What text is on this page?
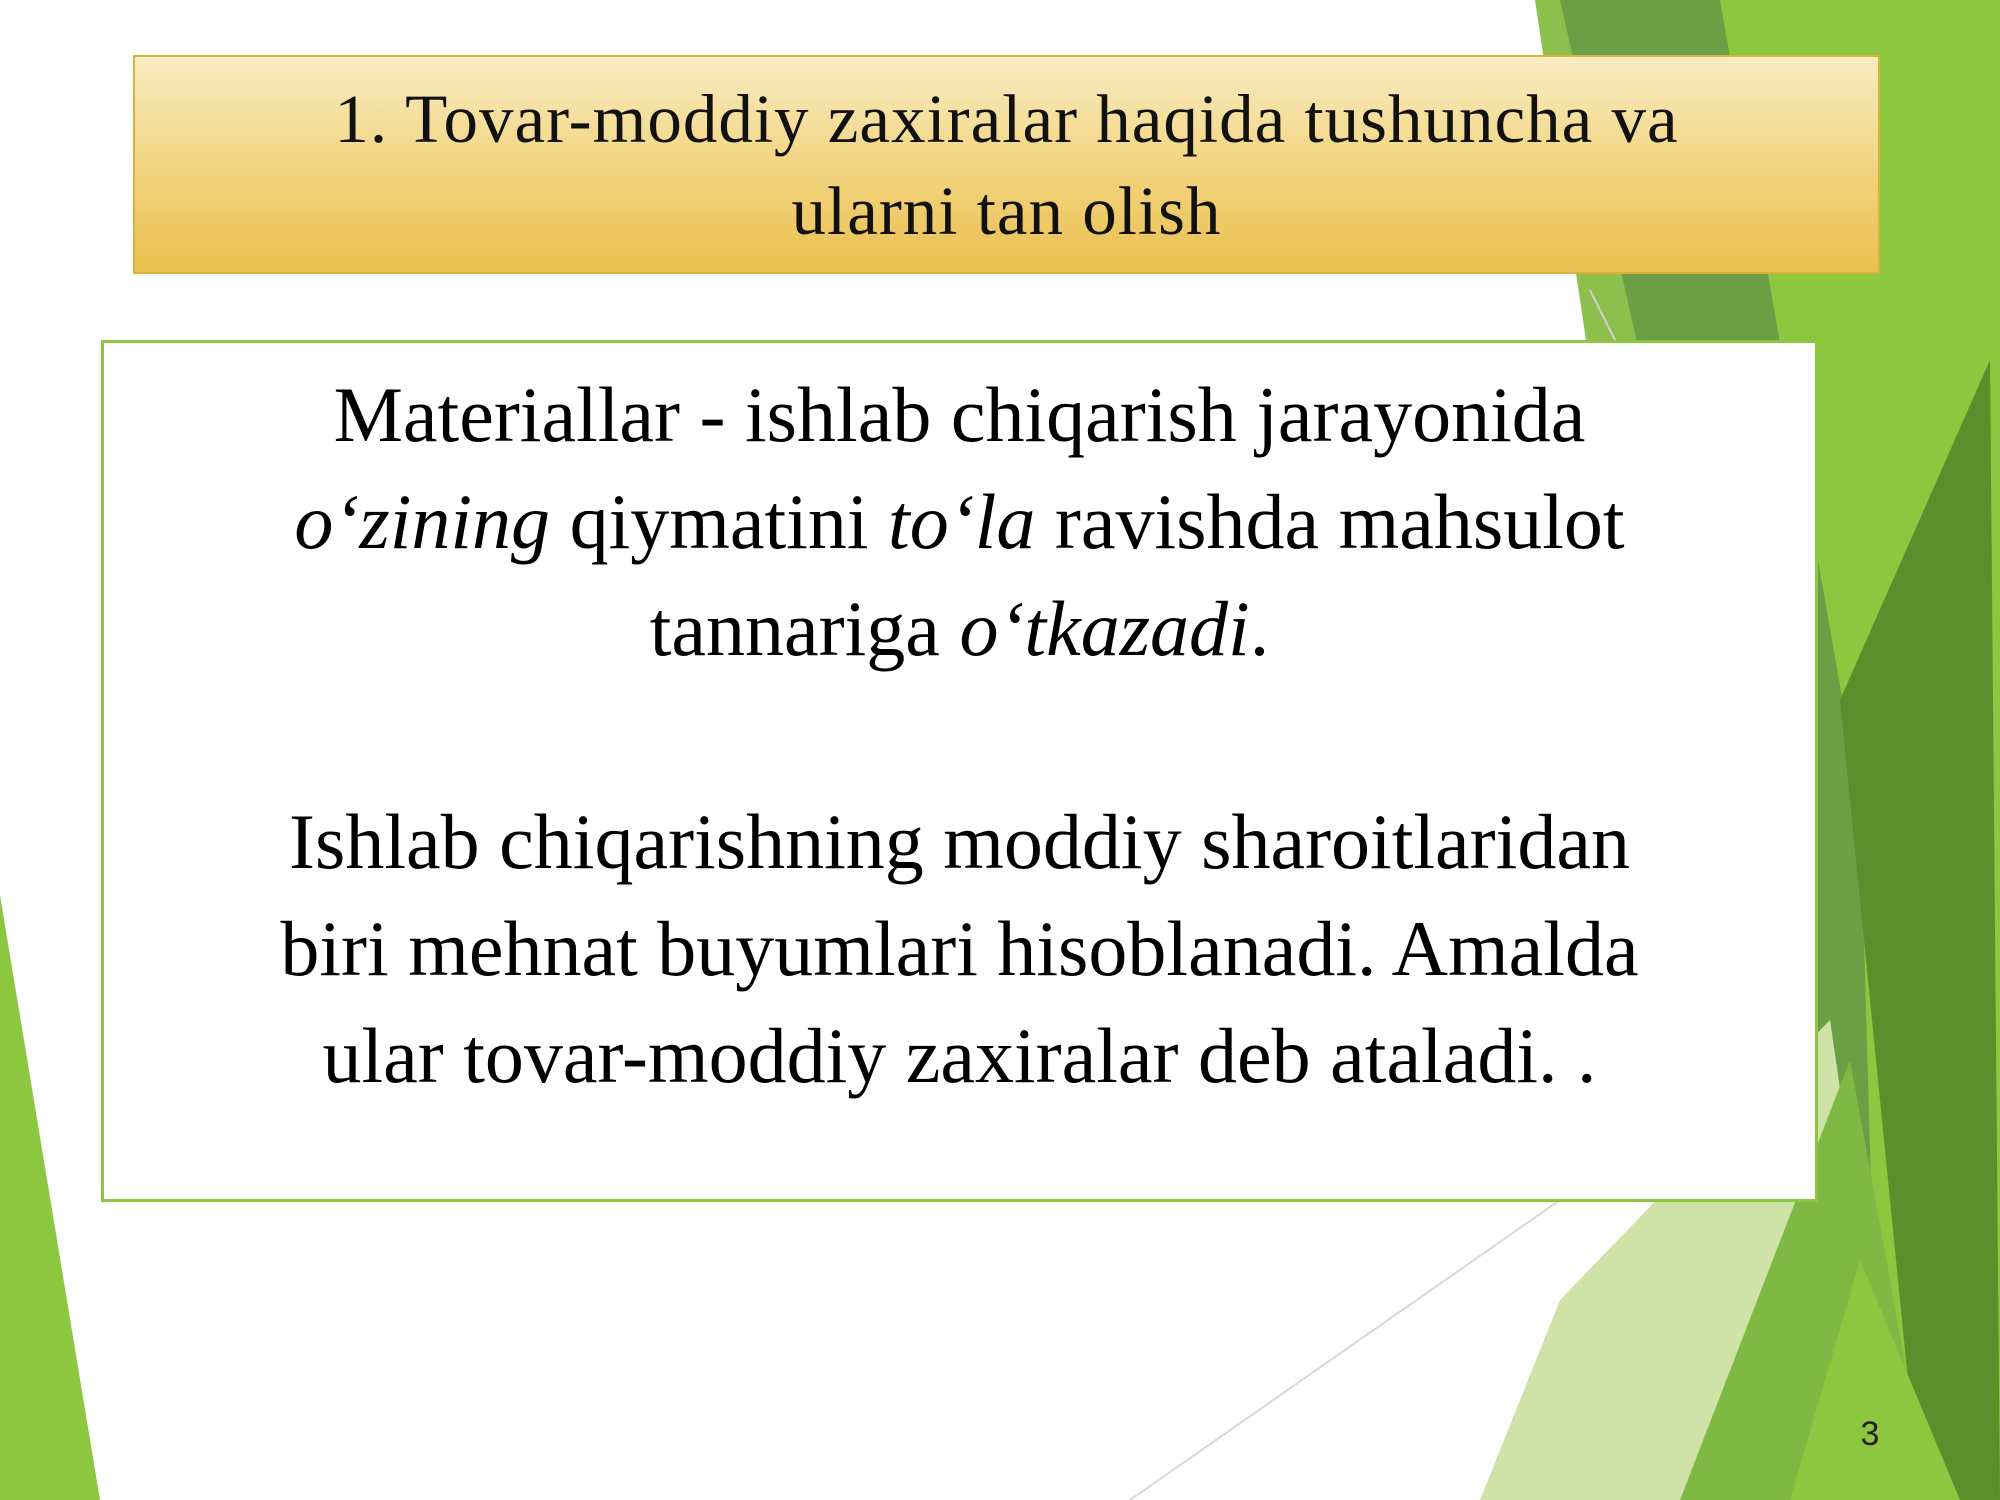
1. Tovar-moddiy zaxiralar haqida tushuncha va
ularni tan olish

Materiallar - ishlab chiqarish jarayonida
o‘zining qiymatini to‘la ravishda mahsulot
tannariga o‘tkazadi.

Ishlab chiqarishning moddiy sharoitlaridan
biri mehnat buyumlari hisoblanadi. Amalda
ular tovar-moddiy zaxiralar deb ataladi. .

3
